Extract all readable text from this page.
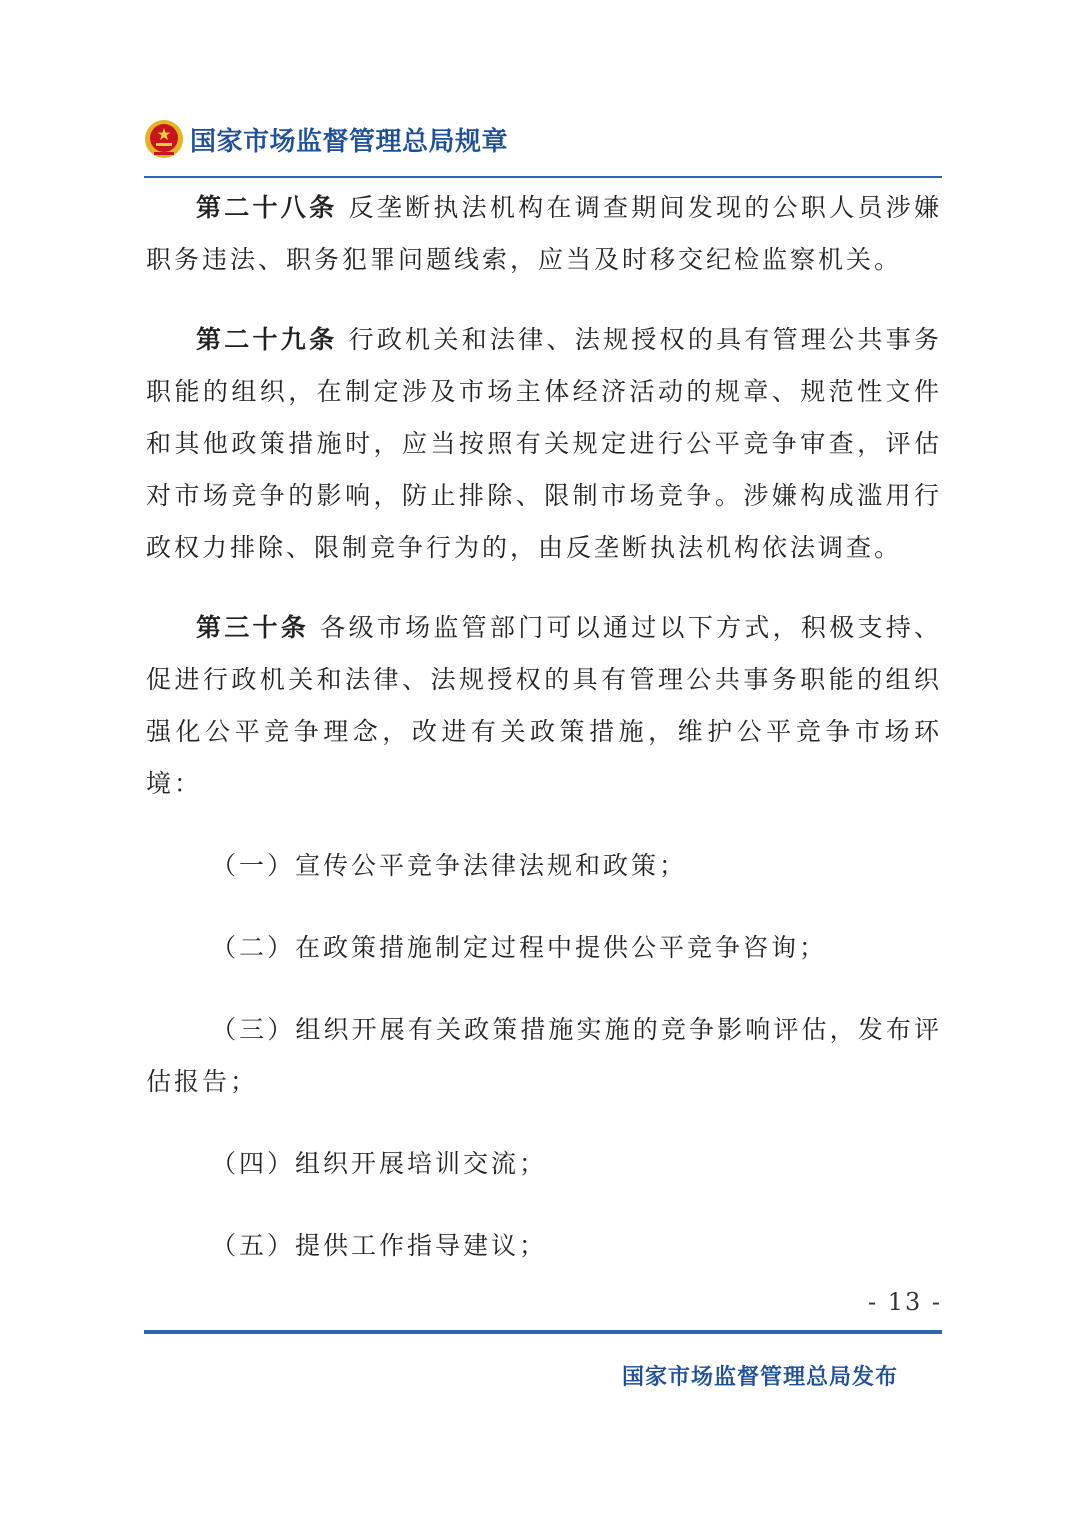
国家市场监督管理总局规章

第二十八条 反垄断执法机构在调查期间发现的公职人员涉嫌职务违法、职务犯罪问题线索，应当及时移交纪检监察机关。

第二十九条 行政机关和法律、法规授权的具有管理公共事务职能的组织，在制定涉及市场主体经济活动的规章、规范性文件和其他政策措施时，应当按照有关规定进行公平竞争审查，评估对市场竞争的影响，防止排除、限制市场竞争。涉嫌构成滥用行政权力排除、限制竞争行为的，由反垄断执法机构依法调查。

第三十条 各级市场监管部门可以通过以下方式，积极支持、促进行政机关和法律、法规授权的具有管理公共事务职能的组织强化公平竞争理念，改进有关政策措施，维护公平竞争市场环境：

（一）宣传公平竞争法律法规和政策；

（二）在政策措施制定过程中提供公平竞争咨询；

（三）组织开展有关政策措施实施的竞争影响评估，发布评估报告；

（四）组织开展培训交流；

（五）提供工作指导建议；

- 13 -
国家市场监督管理总局发布
